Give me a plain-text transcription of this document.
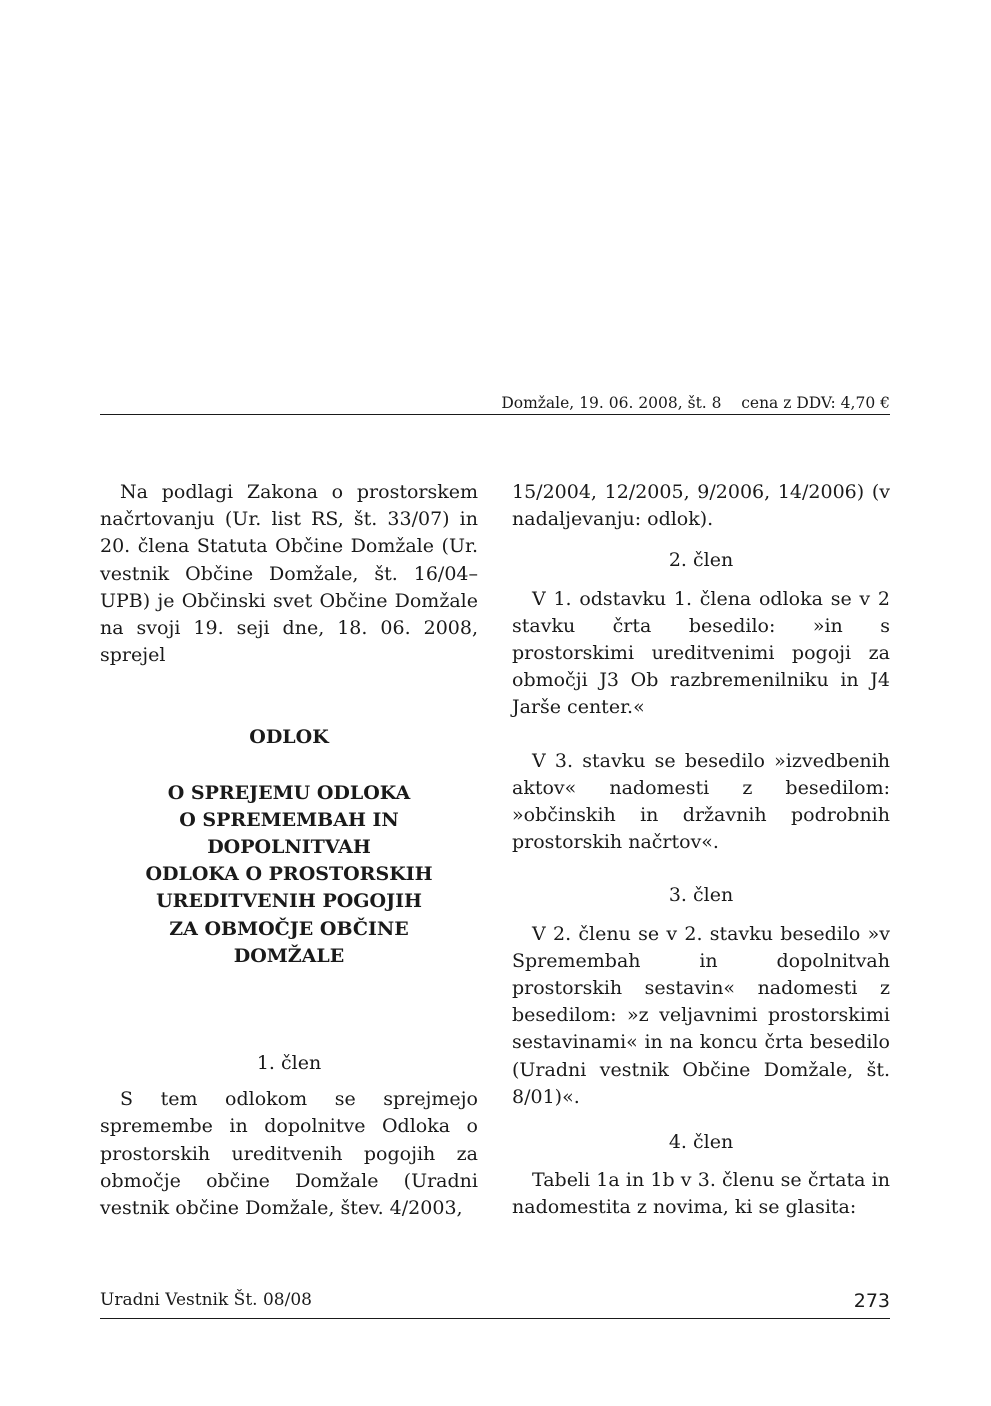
Domžale, 19. 06. 2008, št. 8    cena z DDV: 4,70 €

Na podlagi Zakona o prostorskem načrtovanju (Ur. list RS, št. 33/07) in 20. člena Statuta Občine Domžale (Ur. vestnik Občine Domžale, št. 16/04–UPB) je Občinski svet Občine Domžale na svoji 19. seji dne, 18. 06. 2008, sprejel

ODLOK

O SPREJEMU ODLOKA

O SPREMEMBAH IN

DOPOLNITVAH

ODLOKA O PROSTORSKIH

UREDITVENIH POGOJIH

ZA OBMOČJE OBČINE

DOMŽALE

1. člen

S tem odlokom se sprejmejo spremembe in dopolnitve Odloka o prostorskih ureditvenih pogojih za območje občine Domžale (Uradni vestnik občine Domžale, štev. 4/2003,

15/2004, 12/2005, 9/2006, 14/2006) (v nadaljevanju: odlok).

2. člen

V 1. odstavku 1. člena odloka se v 2 stavku črta besedilo: »in s prostorskimi ureditvenimi pogoji za območji J3 Ob razbremenilniku in J4 Jarše center.«

V 3. stavku se besedilo »izvedbenih aktov« nadomesti z besedilom: »občinskih in državnih podrobnih prostorskih načrtov«.

3. člen

V 2. členu se v 2. stavku besedilo »v Spremembah in dopolnitvah prostorskih sestavin« nadomesti z besedilom: »z veljavnimi prostorskimi sestavinami« in na koncu črta besedilo (Uradni vestnik Občine Domžale, št. 8/01)«.

4. člen

Tabeli 1a in 1b v 3. členu se črtata in nadomestita z novima, ki se glasita:

Uradni Vestnik Št. 08/08	273
